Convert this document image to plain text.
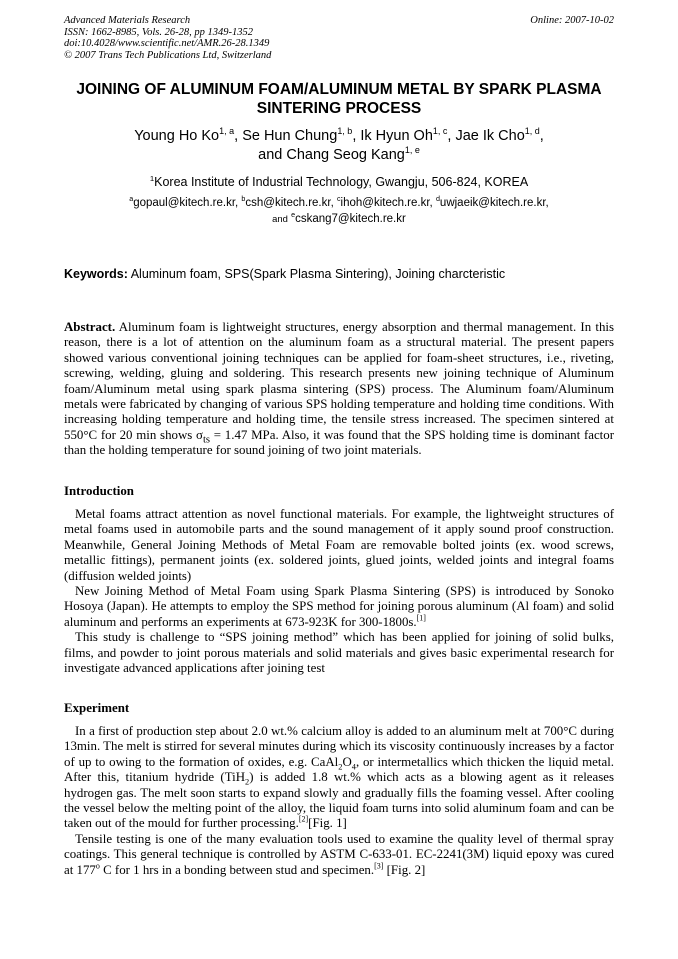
Advanced Materials Research
ISSN: 1662-8985, Vols. 26-28, pp 1349-1352
doi:10.4028/www.scientific.net/AMR.26-28.1349
© 2007 Trans Tech Publications Ltd, Switzerland
Online: 2007-10-02
JOINING OF ALUMINUM FOAM/ALUMINUM METAL BY SPARK PLASMA
SINTERING PROCESS
Young Ho Ko$^{1, a}$, Se Hun Chung$^{1, b}$, Ik Hyun Oh$^{1, c}$, Jae Ik Cho$^{1, d}$,
and Chang Seog Kang$^{1, e}$
$^1$Korea Institute of Industrial Technology, Gwangju, 506-824, KOREA
$^a$gopaul@kitech.re.kr, $^b$csh@kitech.re.kr, $^c$ihoh@kitech.re.kr, $^d$uwjaeik@kitech.re.kr,
and $^e$cskang7@kitech.re.kr
Keywords: Aluminum foam, SPS(Spark Plasma Sintering), Joining charcteristic

Abstract. Aluminum foam is lightweight structures, energy absorption and thermal management. In this reason, there is a lot of attention on the aluminum foam as a structural material. The present papers showed various conventional joining techniques can be applied for foam-sheet structures, i.e., riveting, screwing, welding, gluing and soldering. This research presents new joining technique of Aluminum foam/Aluminum metal using spark plasma sintering (SPS) process. The Aluminum foam/Aluminum metals were fabricated by changing of various SPS holding temperature and holding time conditions. With increasing holding temperature and holding time, the tensile stress increased. The specimen sintered at 550°C for 20 min shows $\sigma_{ts} = 1.47$ MPa. Also, it was found that the SPS holding time is dominant factor than the holding temperature for sound joining of two joint materials.

Introduction

Metal foams attract attention as novel functional materials. For example, the lightweight structures of metal foams used in automobile parts and the sound management of it apply sound proof construction. Meanwhile, General Joining Methods of Metal Foam are removable bolted joints (ex. wood screws, metallic fittings), permanent joints (ex. soldered joints, glued joints, welded joints and integral foams (diffusion welded joints)

New Joining Method of Metal Foam using Spark Plasma Sintering (SPS) is introduced by Sonoko Hosoya (Japan). He attempts to employ the SPS method for joining porous aluminum (Al foam) and solid aluminum and performs an experiments at 673-923K for 300-1800s.[1]

This study is challenge to “SPS joining method” which has been applied for joining of solid bulks, films, and powder to joint porous materials and solid materials and gives basic experimental research for investigate advanced applications after joining test

Experiment

In a first of production step about 2.0 wt.% calcium alloy is added to an aluminum melt at 700°C during 13min. The melt is stirred for several minutes during which its viscosity continuously increases by a factor of up to owing to the formation of oxides, e.g. $CaAl_2O_4$, or intermetallics which thicken the liquid metal. After this, titanium hydride (TiH$_2$) is added 1.8 wt.% which acts as a blowing agent as it releases hydrogen gas. The melt soon starts to expand slowly and gradually fills the foaming vessel. After cooling the vessel below the melting point of the alloy, the liquid foam turns into solid aluminum foam and can be taken out of the mould for further processing.[2][Fig. 1]

Tensile testing is one of the many evaluation tools used to examine the quality level of thermal spray coatings. This general technique is controlled by ASTM C-633-01. EC-2241(3M) liquid epoxy was cured at 177$^o$ C for 1 hrs in a bonding between stud and specimen.[3] [Fig. 2]
